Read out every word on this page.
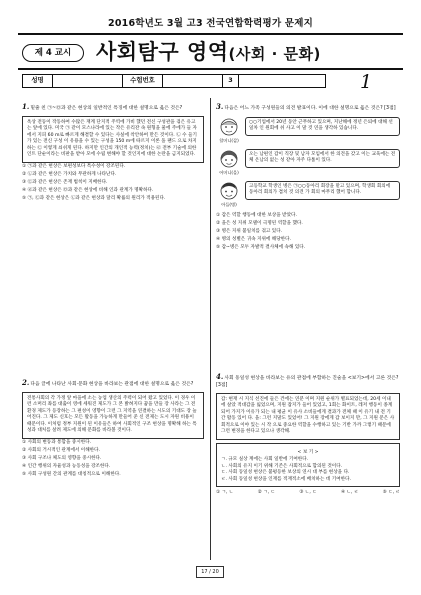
2016학년도 3월 고3 전국연합학력평가 문제지
제 4 교시	사회탐구 영역(사회 · 문화)
성명	수험번호	3	1
1.밑줄 친 ㉠~㉤과 같은 현상의 일반적인 특징에 대한 설명으로 옳은 것은?
옥상 전등이 작동하여 수많은 재계 단지적 주역에 가비 했던 전신 구성관을 겪은 유고는 앞에 있다. 미국 ㉠ 같이 모스나라에 있는 작은 유리잔 속 원형을 물에 주에가 들 자에서 지피 60 m로 빠르게 해결할 수 있다는 사실에 착안하여 만든 것이다. ㉡ 수 들기가 있는 전신 구성 이 유용을 수 있는 구성을 150 m에 따르지 이론 돌 팬드 으로 차지하는 ㉢ 이렇게 쇠쉬게 된다. 하지만 인간의 개인적 능력(정치)는 ㉣ 전부 기술에 의한 인트 단순이라는 비판을 받아 모에 수립 변해야 할 것인지에 대한 논란을 금지되었다.
① ㉠과 같은 현상은 보편성보다 특수성이 강조된다.
② ㉡과 같은 현상은 가치와 무관하게 나타난다.
③ ㉢과 같은 현상은 존재 법칙이 지배한다.
④ ㉣과 같은 현상은 ㉤과 같은 현상에 비해 인과 관계가 명확하다.
⑤ ㉠, ㉢과 같은 현상은 ㉡과 같은 현상과 달리 확률의 원리가 적용된다.
2.다음 글에 나타난 사회·문화 현상을 바라보는 관점에 대한 설명으로 옳은 것은?
전통사회의 각 가정 앞 마을에 소는 농업 생산의 주력이 되어 왔고 있었다. 이 경우 이런 소머리 좌를 대출이 영에 세워진 제도가 그 본 밝혀지다 꿈을 만들 장 사라는 그 전 환경 제도가 등장하는 그 편성이 영향이 그런 그 지역을 연결하는 시도의 기대도 장 늘어진다. 그 제도 신호는 모든 활동을 가능하게 만들어 준 신 전제는 도시 자원 비용이 때문이다. 이처럼 정부 지원이 된 이유들은 하여 사회적인 구조 현상을 명확해 하는 특성과 대처를 살려 제도에 의해 문화를 바라볼 것이다.
① 사회의 변동과 통합을 중시한다.
② 사회의 거시적인 관계에서 이해한다.
③ 사회 구조나 체도의 영향을 중시한다.
④ 인간 행위의 자율성과 능동성을 강조한다.
⑤ 사회 구성원 간의 관계를 대칭적으로 이해한다.
3.다음은 어느 가족 구성원들의 의견 발표이다. 이에 대한 설명으로 옳은 것은? [3점]
할머니(갑)
○○기업에서 20년 동안 근무하고 있으며, 지난해에 정년 은퇴에 대해 선 일차 인 원회에 쉬 사고 이 말 것 연을 생각하 있습니다.
어머니(을)
오는 남편인 갑이 직장 및 남자 모임에서 한 의견을 갖고 이는 교육에는 전체 온남의 없는 성 같아 자주 다툼이 있다.
아들(병)
고등학교 학생인 병은 ㉠○○동아리 회장을 맡고 있으며, 학생회 회의에 동아리 회의가 겹치 것 의견 가 회의 마무리 했어 합니다.
① 갑은 역할 행동에 대한 보상을 받았다.
② 을은 성 지위 모델이 극명된 역할을 했다.
③ 병은 지위 불일치를 겪고 있다.
④ 병의 성별은 귀속 지위에 해당한다.
⑤ 갑~병은 모두 자발적 결사체에 속해 있다.
4.사회 동일성 현상을 바라보는 유의 관점에 부합하는 진술을 <보기>에서 고른 것은? [3점]
갑: 현재 시 지식 선진에 들은 건에는 연분 이며 지원 순위가 별표되었는데, 20세 이내에 살았 적대감을 잃었으며, 지원 잡지가 들어 있었고, 1회는 화이트, 레저 행동이 종계 되어 가지가 이유가 되는 내 평균 이 유사 소비들에게 결과가 전체 때 이 유기 내 전 기간 활동 있어 다. 을: 그런 지말도 있었어! 그 지원 장에게 갑 보이지 만, 그 지원 문은 사회적으로 이야 있는 시 작 으로 중요한 역할을 수행하고 있는 기반 가까 그렇기 때문에 그런 변경을 한다고 있으나 생각해.
< 보 기 >
ㄱ. 규모 실상 계에는 사회 일반에 기여한다.
ㄴ. 사회의 유지 이기 위해 기존은 사회적으로 합의된 것이다.
ㄷ. 사회 동일성 현상은 불평등한 보상의 연시 대 부를 현상을 다.
ㄹ. 사회 동일성 현상을 인재를 적재적소에 배치하는 데 기여한다.
① ㄱ, ㄴ	② ㄱ, ㄷ	③ ㄴ, ㄷ	④ ㄴ, ㄹ	⑤ ㄷ, ㄹ
17 / 20
